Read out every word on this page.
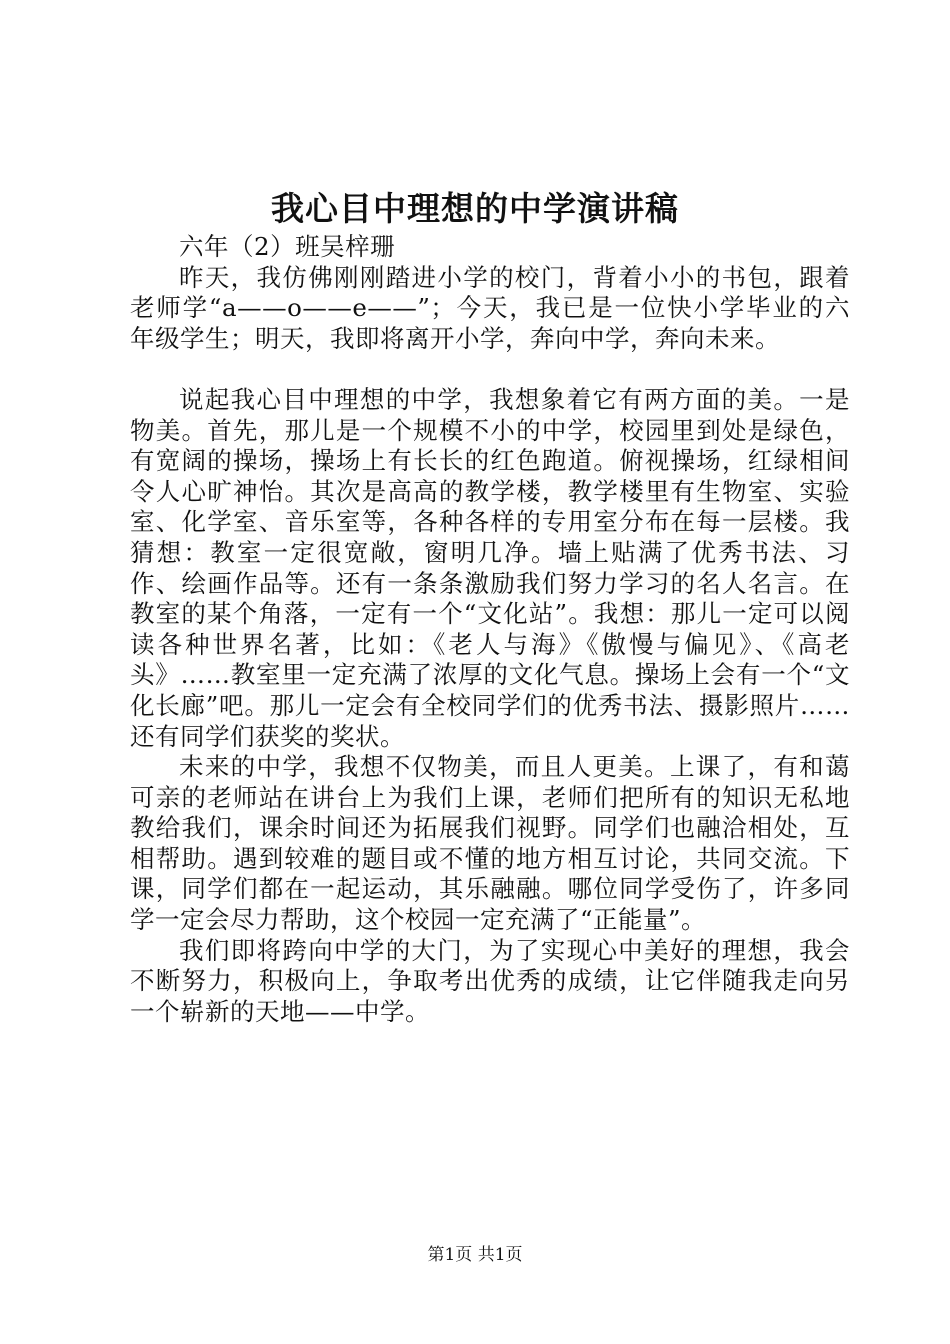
我心目中理想的中学演讲稿

六年（2）班吴梓珊

昨天，我仿佛刚刚踏进小学的校门，背着小小的书包，跟着老师学“a——o——e——”；今天，我已是一位快小学毕业的六年级学生；明天，我即将离开小学，奔向中学，奔向未来。

说起我心目中理想的中学，我想象着它有两方面的美。一是物美。首先，那儿是一个规模不小的中学，校园里到处是绿色，有宽阔的操场，操场上有长长的红色跑道。俯视操场，红绿相间令人心旷神怡。其次是高高的教学楼，教学楼里有生物室、实验室、化学室、音乐室等，各种各样的专用室分布在每一层楼。我猜想：教室一定很宽敞，窗明几净。墙上贴满了优秀书法、习作、绘画作品等。还有一条条激励我们努力学习的名人名言。在教室的某个角落，一定有一个“文化站”。我想：那儿一定可以阅读各种世界名著，比如：《老人与海》《傲慢与偏见》、《高老头》……教室里一定充满了浓厚的文化气息。操场上会有一个“文化长廊”吧。那儿一定会有全校同学们的优秀书法、摄影照片……还有同学们获奖的奖状。

未来的中学，我想不仅物美，而且人更美。上课了，有和蔼可亲的老师站在讲台上为我们上课，老师们把所有的知识无私地教给我们，课余时间还为拓展我们视野。同学们也融洽相处，互相帮助。遇到较难的题目或不懂的地方相互讨论，共同交流。下课，同学们都在一起运动，其乐融融。哪位同学受伤了，许多同学一定会尽力帮助，这个校园一定充满了“正能量”。

我们即将跨向中学的大门，为了实现心中美好的理想，我会不断努力，积极向上，争取考出优秀的成绩，让它伴随我走向另一个崭新的天地——中学。

第1页 共1页
